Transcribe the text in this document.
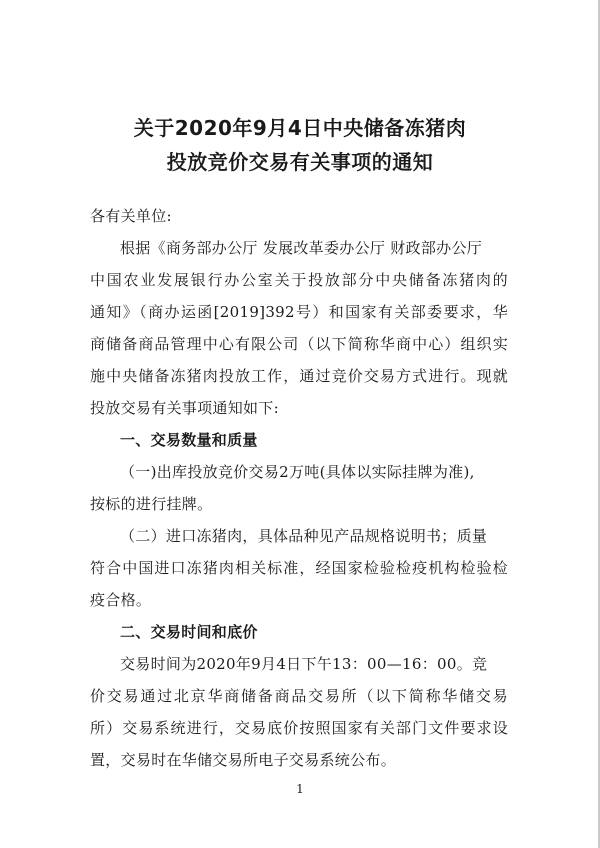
关于2020年9月4日中央储备冻猪肉
投放竞价交易有关事项的通知
各有关单位:
根据《商务部办公厅 发展改革委办公厅 财政部办公厅
中国农业发展银行办公室关于投放部分中央储备冻猪肉的
通知》（商办运函[2019]392号）和国家有关部委要求，华
商储备商品管理中心有限公司（以下简称华商中心）组织实
施中央储备冻猪肉投放工作，通过竞价交易方式进行。现就
投放交易有关事项通知如下:
一、交易数量和质量
（一)出库投放竞价交易2万吨(具体以实际挂牌为准),
按标的进行挂牌。
（二）进口冻猪肉，具体品种见产品规格说明书；质量
符合中国进口冻猪肉相关标准，经国家检验检疫机构检验检
疫合格。
二、交易时间和底价
交易时间为2020年9月4日下午13：00—16：00。竞
价交易通过北京华商储备商品交易所（以下简称华储交易
所）交易系统进行，交易底价按照国家有关部门文件要求设
置，交易时在华储交易所电子交易系统公布。
1
